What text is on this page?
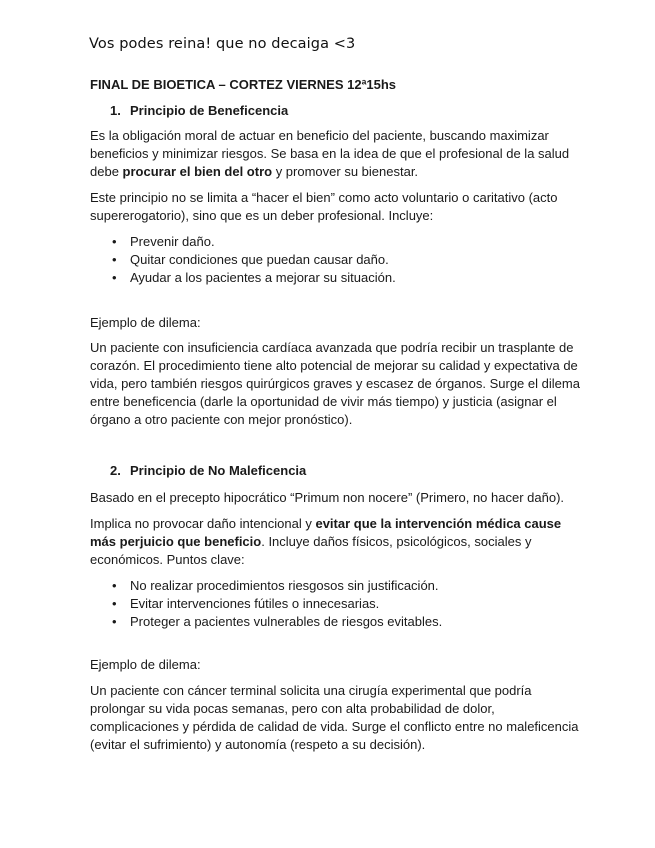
Vos podes reina! que no decaiga <3
FINAL DE BIOETICA – CORTEZ VIERNES 12ª15hs
1. Principio de Beneficencia

Es la obligación moral de actuar en beneficio del paciente, buscando maximizar beneficios y minimizar riesgos. Se basa en la idea de que el profesional de la salud debe procurar el bien del otro y promover su bienestar.

Este principio no se limita a “hacer el bien” como acto voluntario o caritativo (acto supererogatorio), sino que es un deber profesional. Incluye:

• Prevenir daño.
• Quitar condiciones que puedan causar daño.
• Ayudar a los pacientes a mejorar su situación.

Ejemplo de dilema:

Un paciente con insuficiencia cardíaca avanzada que podría recibir un trasplante de corazón. El procedimiento tiene alto potencial de mejorar su calidad y expectativa de vida, pero también riesgos quirúrgicos graves y escasez de órganos. Surge el dilema entre beneficencia (darle la oportunidad de vivir más tiempo) y justicia (asignar el órgano a otro paciente con mejor pronóstico).

2. Principio de No Maleficencia

Basado en el precepto hipocrático “Primum non nocere” (Primero, no hacer daño).

Implica no provocar daño intencional y evitar que la intervención médica cause más perjuicio que beneficio. Incluye daños físicos, psicológicos, sociales y económicos. Puntos clave:

• No realizar procedimientos riesgosos sin justificación.
• Evitar intervenciones fútiles o innecesarias.
• Proteger a pacientes vulnerables de riesgos evitables.

Ejemplo de dilema:

Un paciente con cáncer terminal solicita una cirugía experimental que podría prolongar su vida pocas semanas, pero con alta probabilidad de dolor, complicaciones y pérdida de calidad de vida. Surge el conflicto entre no maleficencia (evitar el sufrimiento) y autonomía (respeto a su decisión).
